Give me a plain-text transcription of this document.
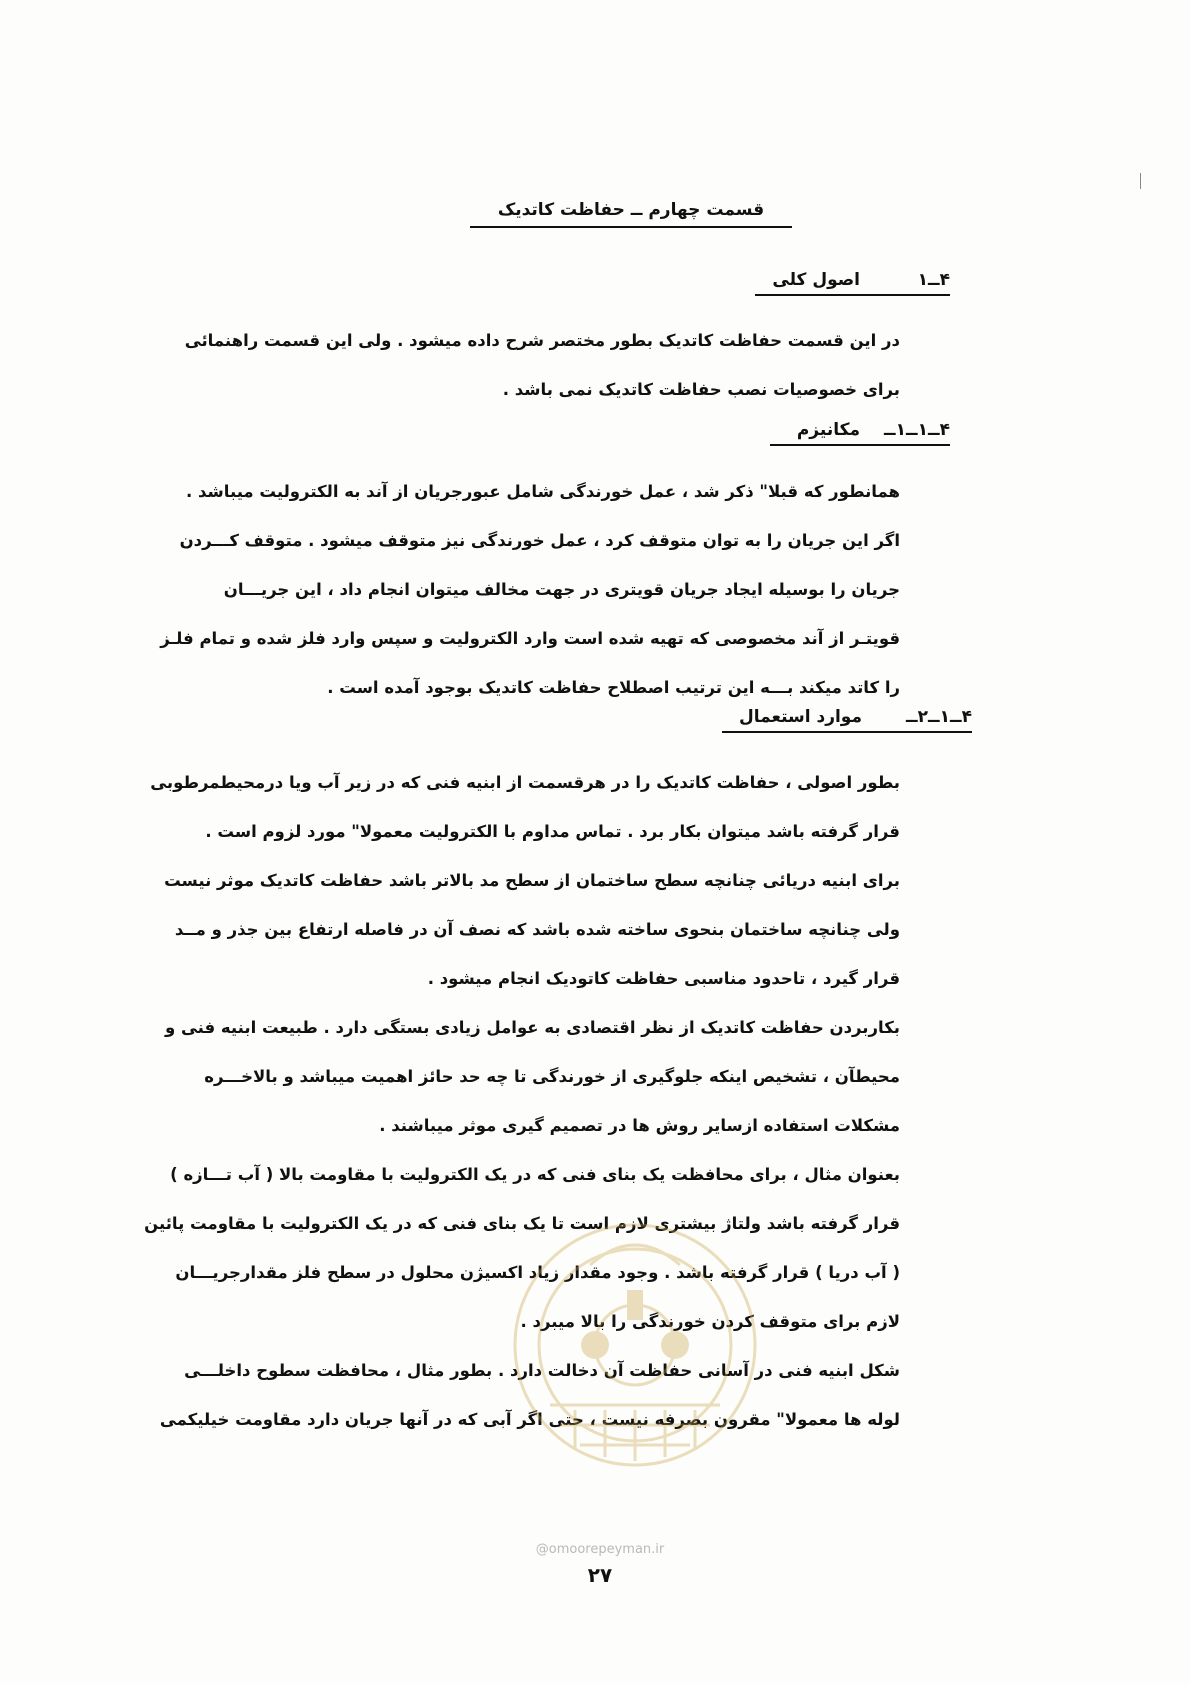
قسمت چهارم ــ حفاظت کاتدیک
۴ــ۱
اصول کلی

در این قسمت حفاظت کاتدیک بطور مختصر شرح داده میشود . ولی این قسمت راهنمائی

برای خصوصیات نصب حفاظت کاتدیک نمی باشد .

۴ــ۱ــ۱ــ
مکانیزم

همانطور که قبلا" ذکر شد ، عمل خورندگی شامل عبورجریان از آند به الکترولیت میباشد .

اگر این جریان را به توان متوقف کرد ، عمل خورندگی نیز متوقف میشود . متوقف کـــردن

جریان را بوسیله ایجاد جریان قویتری در جهت مخالف میتوان انجام داد ، این جریـــان

قویتـر از آند مخصوصی که تهیه شده است وارد الکترولیت و سپس وارد فلز شده و تمام فلـز

را کاتد میکند بـــه این ترتیب اصطلاح حفاظت کاتدیک بوجود آمده است .

۴ــ۱ــ۲ــ
موارد استعمال

بطور اصولی ، حفاظت کاتدیک را در هرقسمت از ابنیه فنی که در زیر آب ویا درمحیطمرطوبی

قرار گرفته باشد میتوان بکار برد . تماس مداوم با الکترولیت معمولا" مورد لزوم است .

برای ابنیه دریائی چنانچه سطح ساختمان از سطح مد بالاتر باشد حفاظت کاتدیک موثر نیست

ولی چنانچه ساختمان بنحوی ساخته شده باشد که نصف آن در فاصله ارتفاع بین جذر و مــد

قرار گیرد ، تاحدود مناسبی حفاظت کاتودیک انجام میشود .

بکاربردن حفاظت کاتدیک از نظر اقتصادی به عوامل زیادی بستگی دارد . طبیعت ابنیه فنی و

محیطآن ، تشخیص اینکه جلوگیری از خورندگی تا چه حد حائز اهمیت میباشد و بالاخـــره

مشکلات استفاده ازسایر روش ها در تصمیم گیری موثر میباشند .

بعنوان مثال ، برای محافظت یک بنای فنی که در یک الکترولیت با مقاومت بالا ( آب تـــازه )

قرار گرفته باشد ولتاژ بیشتری لازم است تا یک بنای فنی که در یک الکترولیت با مقاومت پائین

( آب دریا ) قرار گرفته باشد . وجود مقدار زیاد اکسیژن محلول در سطح فلز مقدارجریـــان

لازم برای متوقف کردن خورندگی را بالا میبرد .

شکل ابنیه فنی در آسانی حفاظت آن دخالت دارد . بطور مثال ، محافظت سطوح داخلـــی

لوله ها معمولا" مقرون بصرفه نیست ، حتی اگر آبی که در آنها جریان دارد مقاومت خیلیکمی

@omoorepeyman.ir
۲۷
